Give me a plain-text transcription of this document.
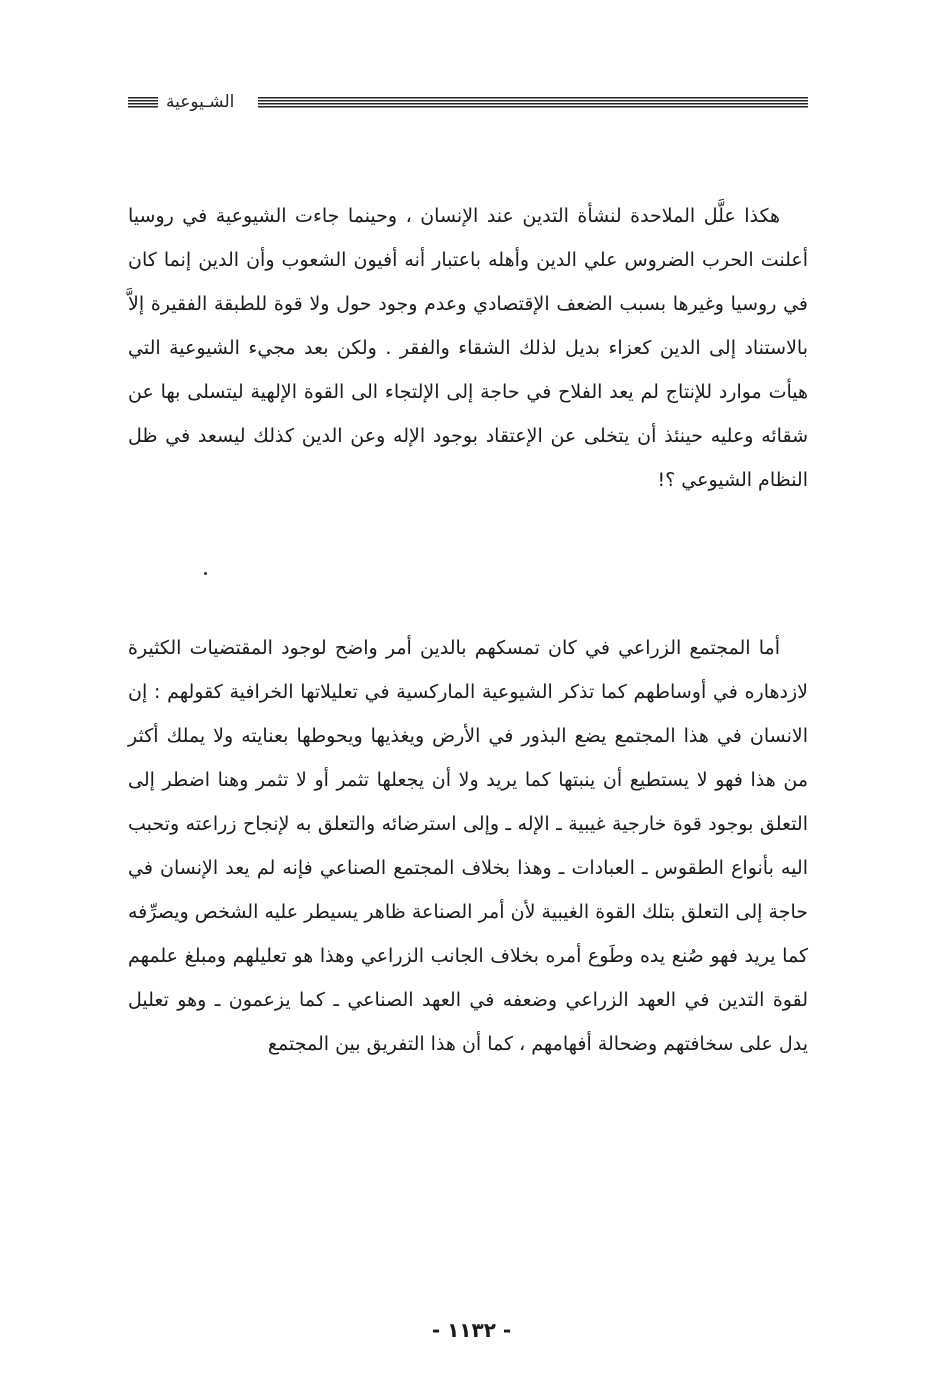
الشـيوعية

هكذا علَّل الملاحدة لنشأة التدين عند الإنسان ، وحينما جاءت الشيوعية في روسيا أعلنت الحرب الضروس علي الدين وأهله باعتبار أنه أفيون الشعوب وأن الدين إنما كان في روسيا وغيرها بسبب الضعف الإقتصادي وعدم وجود حول ولا قوة للطبقة الفقيرة إلاَّ بالاستناد إلى الدين كعزاء بديل لذلك الشقاء والفقر . ولكن بعد مجيء الشيوعية التي هيأت موارد للإنتاج لم يعد الفلاح في حاجة إلى الإلتجاء الى القوة الإلهية ليتسلى بها عن شقائه وعليه حينئذ أن يتخلى عن الإعتقاد بوجود الإله وعن الدين كذلك ليسعد في ظل النظام الشيوعي ؟!

أما المجتمع الزراعي في كان تمسكهم بالدين أمر واضح لوجود المقتضيات الكثيرة لازدهاره في أوساطهم كما تذكر الشيوعية الماركسية في تعليلاتها الخرافية كقولهم : إن الانسان في هذا المجتمع يضع البذور في الأرض ويغذيها ويحوطها بعنايته ولا يملك أكثر من هذا فهو لا يستطيع أن ينبتها كما يريد ولا أن يجعلها تثمر أو لا تثمر وهنا اضطر إلى التعلق بوجود قوة خارجية غيبية ـ الإله ـ وإلى استرضائه والتعلق به لإنجاح زراعته وتحبب اليه بأنواع الطقوس ـ العبادات ـ وهذا بخلاف المجتمع الصناعي فإنه لم يعد الإنسان في حاجة إلى التعلق بتلك القوة الغيبية لأن أمر الصناعة ظاهر يسيطر عليه الشخص ويصرِّفه كما يريد فهو صُنع يده وطَوع أمره بخلاف الجانب الزراعي وهذا هو تعليلهم ومبلغ علمهم لقوة التدين في العهد الزراعي وضعفه في العهد الصناعي ـ كما يزعمون ـ وهو تعليل يدل على سخافتهم وضحالة أفهامهم ، كما أن هذا التفريق بين المجتمع

- ١١٣٢ -
